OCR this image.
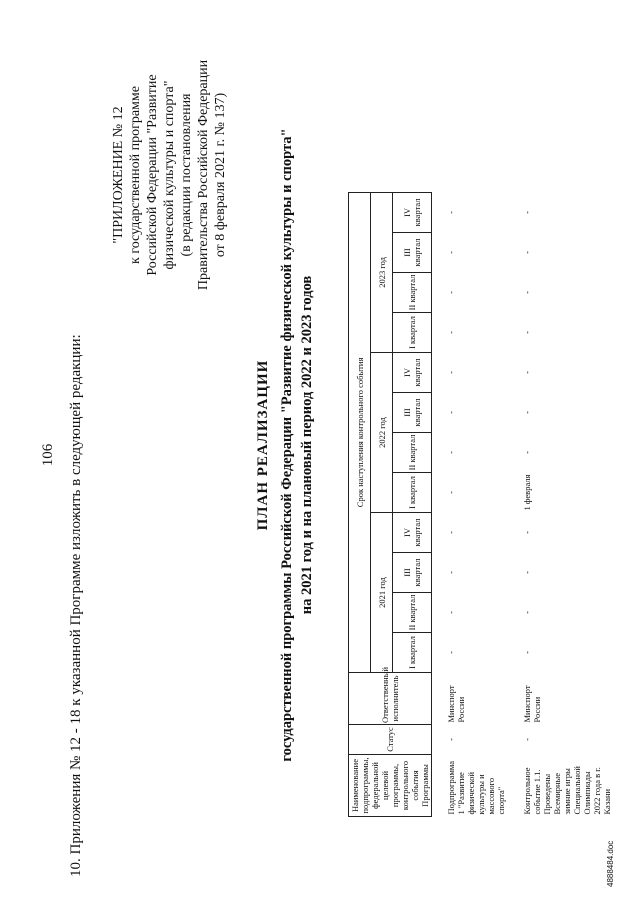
106 10. Приложения № 12 - 18 к указанной Программе изложить в следующей редакции:
"ПРИЛОЖЕНИЕ № 12 к государственной программе Российской Федерации "Развитие физической культуры и спорта" (в редакции постановления Правительства Российской Федерации от 8 февраля 2021 г. № 137)
ПЛАН РЕАЛИЗАЦИИ государственной программы Российской Федерации "Развитие физической культуры и спорта" на 2021 год и на плановый период 2022 и 2023 годов
Наименование подпрограммы, федеральной целевой программы, контрольного события Программы	Статус	Ответственный исполнитель	Срок наступления контрольного события												
			2021 год				2022 год				2023 год				
			I квартал	II квартал	III квартал	IV квартал	I квартал	II квартал	III квартал	IV квартал	I квартал	II квартал	III квартал	IV квартал	

Подпрограмма 1 "Развитие физической культуры и массового спорта"	-	Минспорт России	-	-	-	-	-	-	-	-	-	-	-	-	

Контрольное событие 1.1. Проведены Всемирные зимние игры Специальной Олимпиады 2022 года в г. Казани	-	Минспорт России	-	-	-	-	1 февраля	-	-	-	-	-	-	-	
4888484.doc
